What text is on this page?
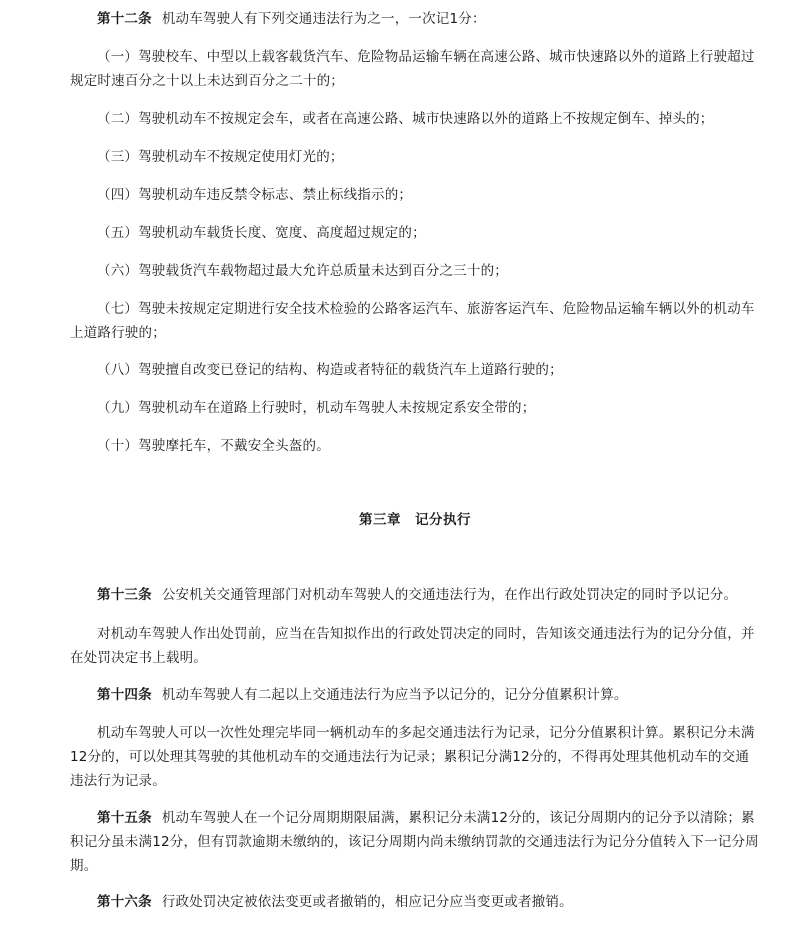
第十二条 机动车驾驶人有下列交通违法行为之一，一次记1分：

（一）驾驶校车、中型以上载客载货汽车、危险物品运输车辆在高速公路、城市快速路以外的道路上行驶超过规定时速百分之十以上未达到百分之二十的；

（二）驾驶机动车不按规定会车，或者在高速公路、城市快速路以外的道路上不按规定倒车、掉头的；

（三）驾驶机动车不按规定使用灯光的；

（四）驾驶机动车违反禁令标志、禁止标线指示的；

（五）驾驶机动车载货长度、宽度、高度超过规定的；

（六）驾驶载货汽车载物超过最大允许总质量未达到百分之三十的；

（七）驾驶未按规定定期进行安全技术检验的公路客运汽车、旅游客运汽车、危险物品运输车辆以外的机动车上道路行驶的；

（八）驾驶擅自改变已登记的结构、构造或者特征的载货汽车上道路行驶的；

（九）驾驶机动车在道路上行驶时，机动车驾驶人未按规定系安全带的；

（十）驾驶摩托车，不戴安全头盔的。

第三章　记分执行

第十三条 公安机关交通管理部门对机动车驾驶人的交通违法行为，在作出行政处罚决定的同时予以记分。

对机动车驾驶人作出处罚前，应当在告知拟作出的行政处罚决定的同时，告知该交通违法行为的记分分值，并在处罚决定书上载明。

第十四条 机动车驾驶人有二起以上交通违法行为应当予以记分的，记分分值累积计算。

机动车驾驶人可以一次性处理完毕同一辆机动车的多起交通违法行为记录，记分分值累积计算。累积记分未满12分的，可以处理其驾驶的其他机动车的交通违法行为记录；累积记分满12分的，不得再处理其他机动车的交通违法行为记录。

第十五条 机动车驾驶人在一个记分周期期限届满，累积记分未满12分的，该记分周期内的记分予以清除；累积记分虽未满12分，但有罚款逾期未缴纳的，该记分周期内尚未缴纳罚款的交通违法行为记分分值转入下一记分周期。

第十六条 行政处罚决定被依法变更或者撤销的，相应记分应当变更或者撤销。
